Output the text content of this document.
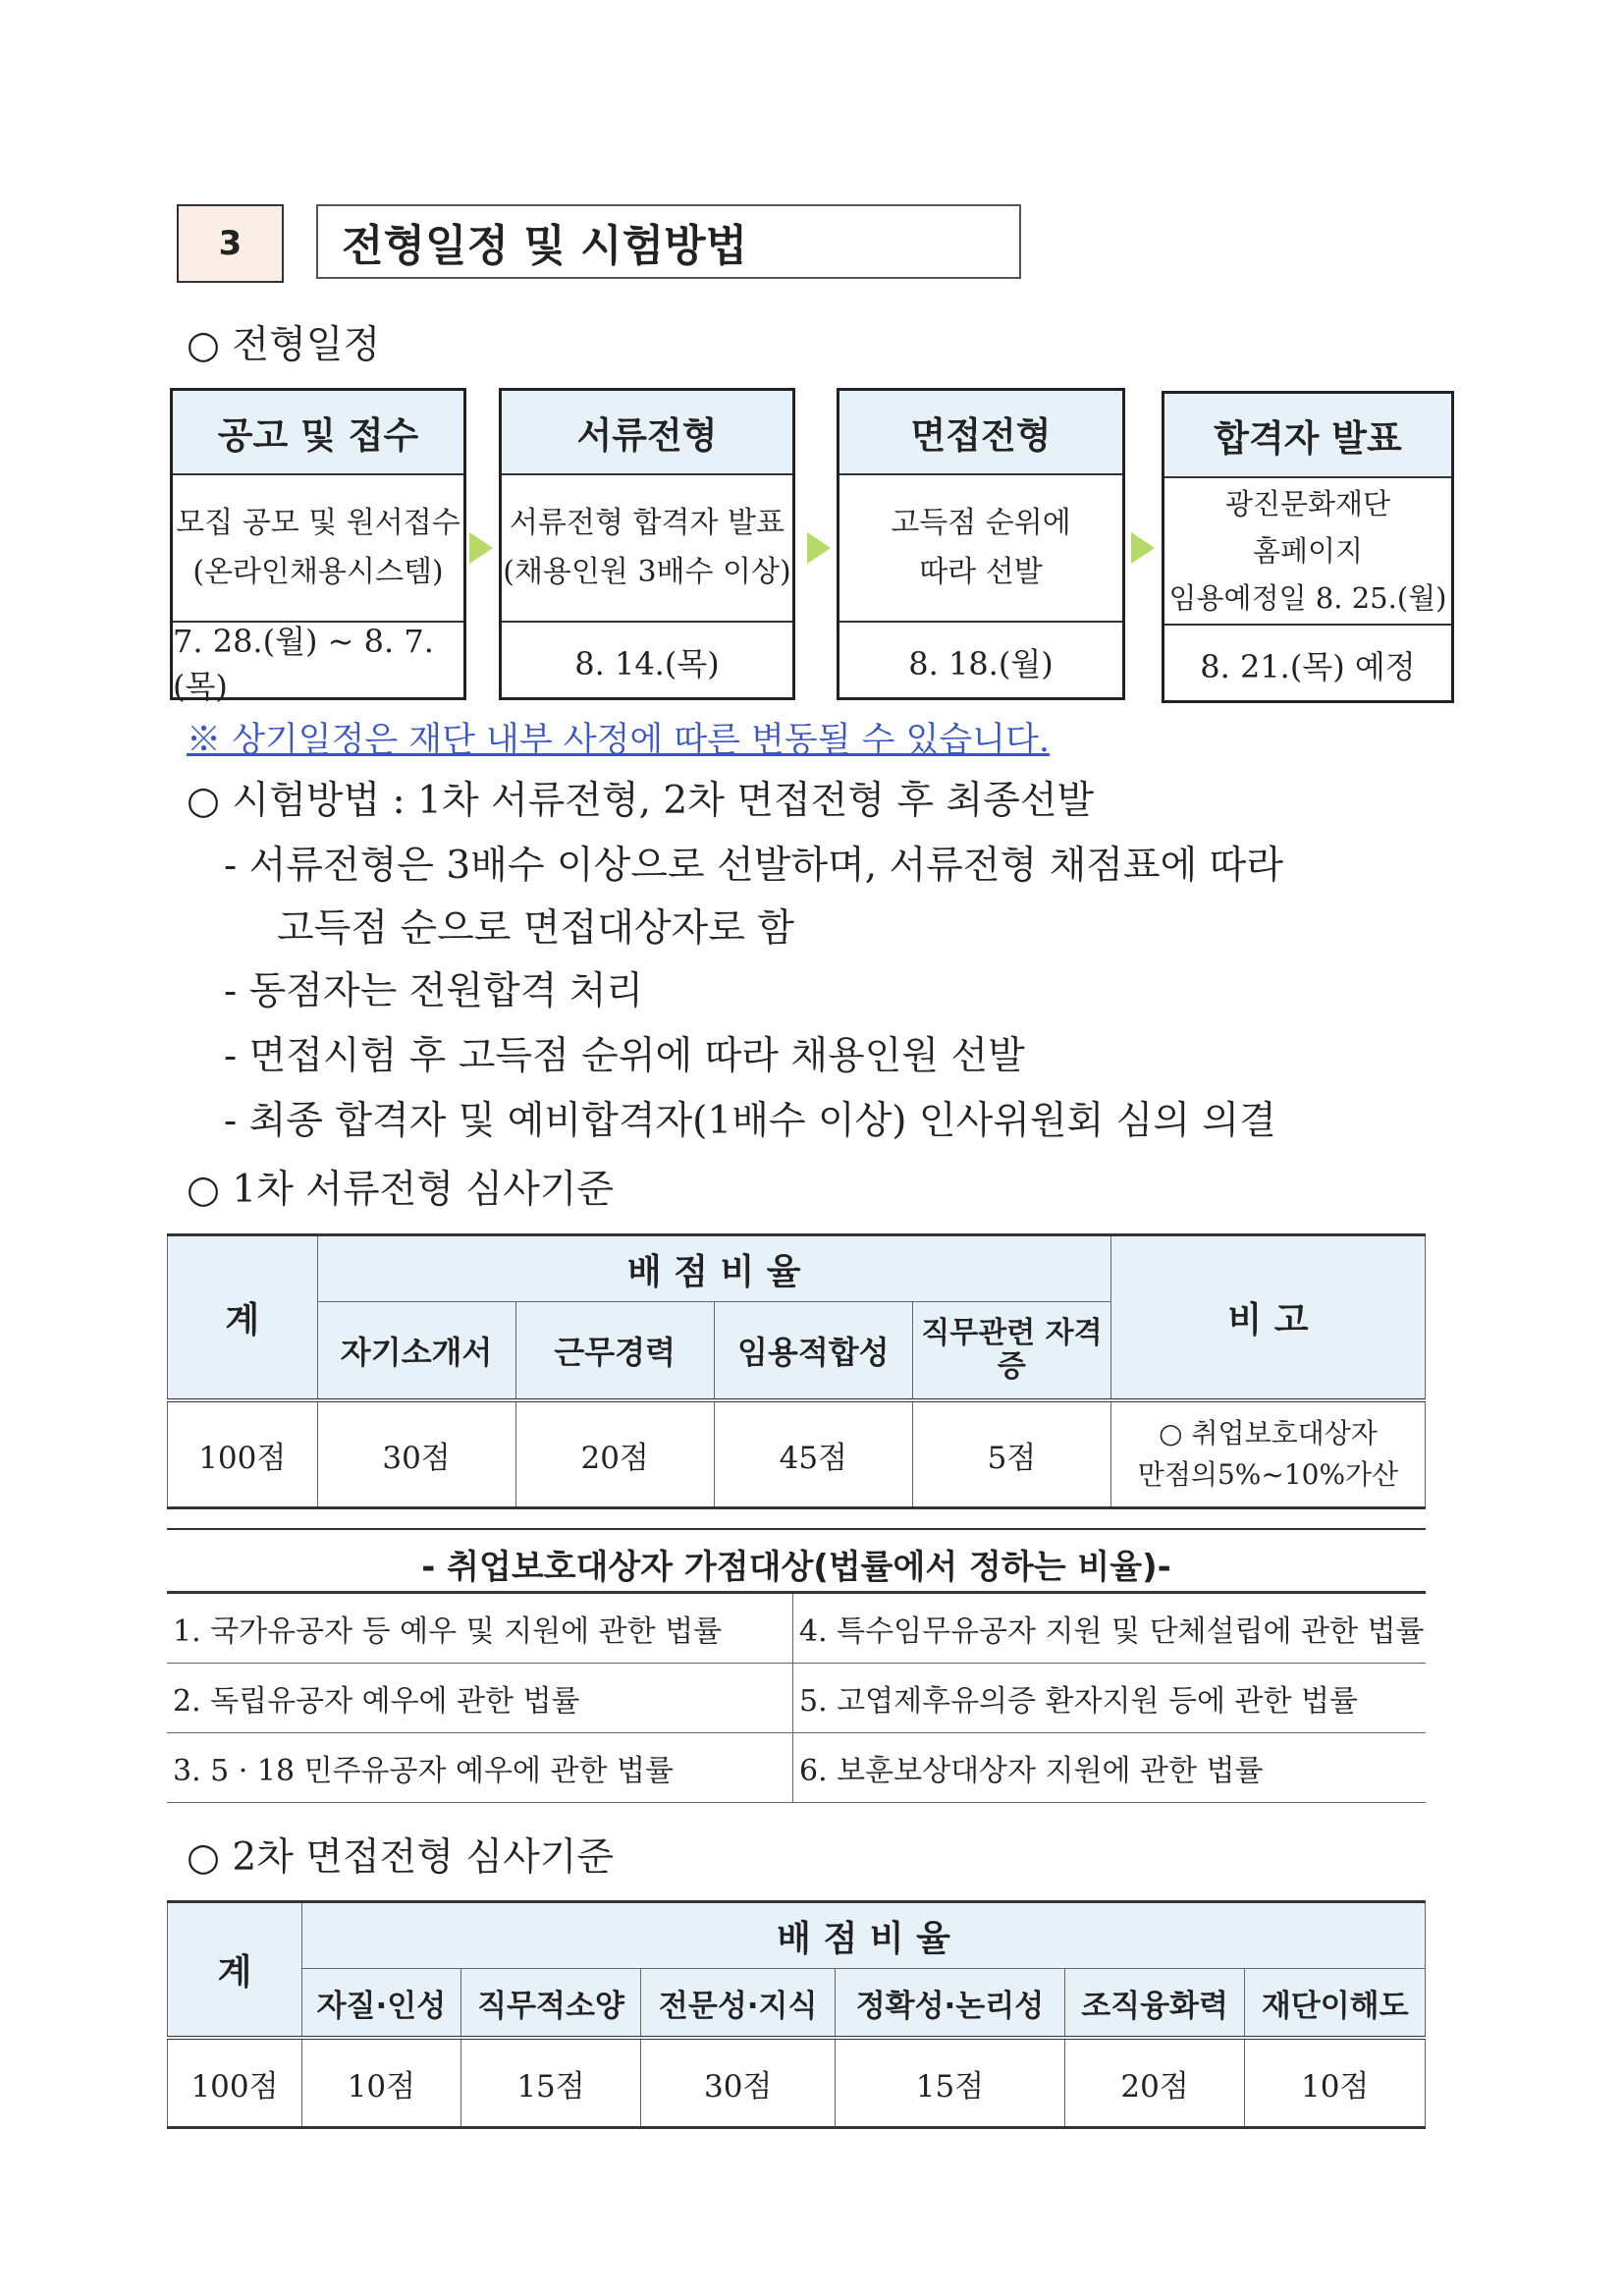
3	전형일정 및 시험방법
○ 전형일정
공고 및 접수
모집 공모 및 원서접수
(온라인채용시스템)
7. 28.(월) ~ 8. 7.(목)
서류전형
서류전형 합격자 발표
(채용인원 3배수 이상)
8. 14.(목)
면접전형
고득점 순위에
따라 선발
8. 18.(월)
합격자 발표
광진문화재단
홈페이지
임용예정일 8. 25.(월)
8. 21.(목) 예정
※ 상기일정은 재단 내부 사정에 따른 변동될 수 있습니다.
○ 시험방법 : 1차 서류전형, 2차 면접전형 후 최종선발
- 서류전형은 3배수 이상으로 선발하며, 서류전형 채점표에 따라
고득점 순으로 면접대상자로 함
- 동점자는 전원합격 처리
- 면접시험 후 고득점 순위에 따라 채용인원 선발
- 최종 합격자 및 예비합격자(1배수 이상) 인사위원회 심의 의결
○ 1차 서류전형 심사기준
계	배 점 비 율				비 고
	자기소개서	근무경력	임용적합성	직무관련 자격증	
100점	30점	20점	45점	5점	○ 취업보호대상자
만점의5%~10%가산
- 취업보호대상자 가점대상(법률에서 정하는 비율)-
1. 국가유공자 등 예우 및 지원에 관한 법률	4. 특수임무유공자 지원 및 단체설립에 관한 법률
2. 독립유공자 예우에 관한 법률	5. 고엽제후유의증 환자지원 등에 관한 법률
3. 5 · 18 민주유공자 예우에 관한 법률	6. 보훈보상대상자 지원에 관한 법률
○ 2차 면접전형 심사기준
계	배 점 비 율					
	자질·인성	직무적소양	전문성·지식	정확성·논리성	조직융화력	재단이해도
100점	10점	15점	30점	15점	20점	10점
